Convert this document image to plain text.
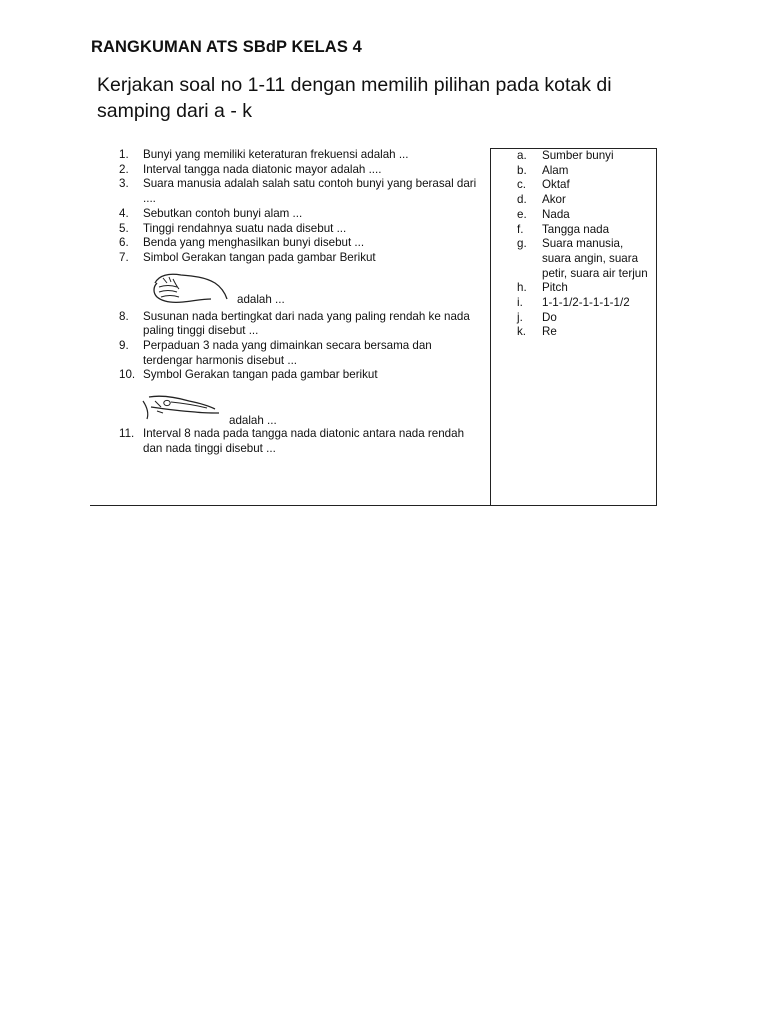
RANGKUMAN ATS SBdP KELAS 4
Kerjakan soal no 1-11 dengan memilih pilihan pada kotak di samping dari a - k
1.	Bunyi yang memiliki keteraturan frekuensi adalah ...
2.	Interval tangga nada diatonic mayor adalah ....
3.	Suara manusia adalah salah satu contoh bunyi yang berasal dari ....
4.	Sebutkan contoh bunyi alam ...
5.	Tinggi rendahnya suatu nada disebut ...
6.	Benda yang menghasilkan bunyi disebut ...
7.	Simbol Gerakan tangan pada gambar Berikut
adalah ...
8.	Susunan nada bertingkat dari nada yang paling rendah ke nada paling tinggi disebut ...
9.	Perpaduan 3 nada yang dimainkan secara bersama dan terdengar harmonis disebut ...
10. Symbol Gerakan tangan pada gambar berikut
adalah ...
11. Interval 8 nada pada tangga nada diatonic antara nada rendah dan nada tinggi disebut ...
a.	Sumber bunyi
b.	Alam
c.	Oktaf
d.	Akor
e.	Nada
f.	Tangga nada
g.	Suara manusia, suara angin, suara petir, suara air terjun
h.	Pitch
i.	1-1-1/2-1-1-1-1/2
j.	Do
k.	Re
